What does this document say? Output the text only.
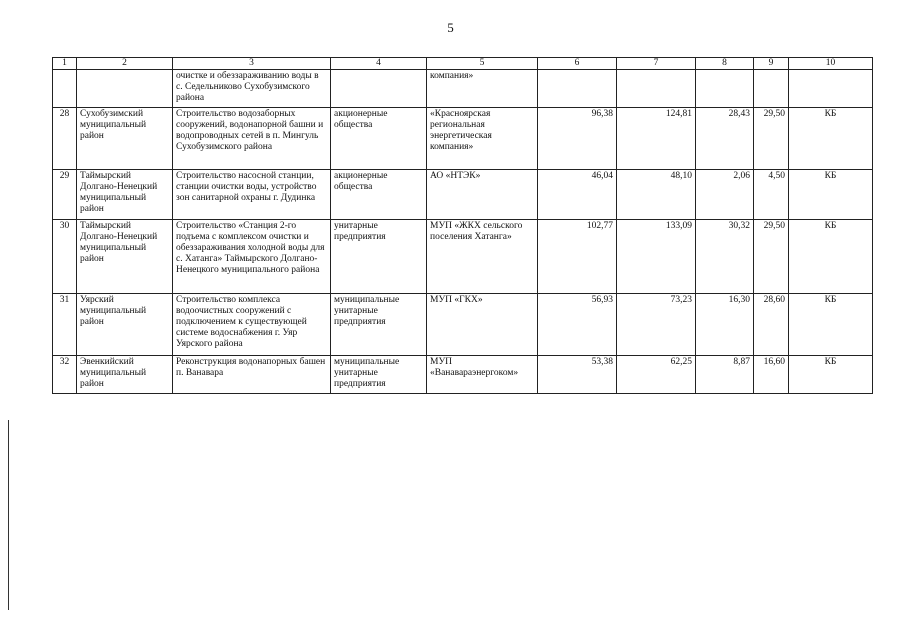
5
1	2	3	4	5	6	7	8	9	10
		очистке и обеззараживанию воды в с. Седельниково Сухобузимского района		компания»					
28	Сухобузимский муниципальный район	Строительство водозаборных сооружений, водонапорной башни и водопроводных сетей в п. Мингуль Сухобузимского района	акционерные общества	«Красноярская региональная энергетическая компания»	96,38	124,81	28,43	29,50	КБ
29	Таймырский Долгано-Ненецкий муниципальный район	Строительство насосной станции, станции очистки воды, устройство зон санитарной охраны г. Дудинка	акционерные общества	АО «НТЭК»	46,04	48,10	2,06	4,50	КБ
30	Таймырский Долгано-Ненецкий муниципальный район	Строительство «Станция 2-го подъема с комплексом очистки и обеззараживания холодной воды для с. Хатанга» Таймырского Долгано-Ненецкого муниципального района	унитарные предприятия	МУП «ЖКХ сельского поселения Хатанга»	102,77	133,09	30,32	29,50	КБ
31	Уярский муниципальный район	Строительство комплекса водоочистных сооружений с подключением к существующей системе водоснабжения г. Уяр Уярского района	муниципальные унитарные предприятия	МУП «ГКХ»	56,93	73,23	16,30	28,60	КБ
32	Эвенкийский муниципальный район	Реконструкция водонапорных башен п. Ванавара	муниципальные унитарные предприятия	МУП «Ванавараэнергоком»	53,38	62,25	8,87	16,60	КБ
